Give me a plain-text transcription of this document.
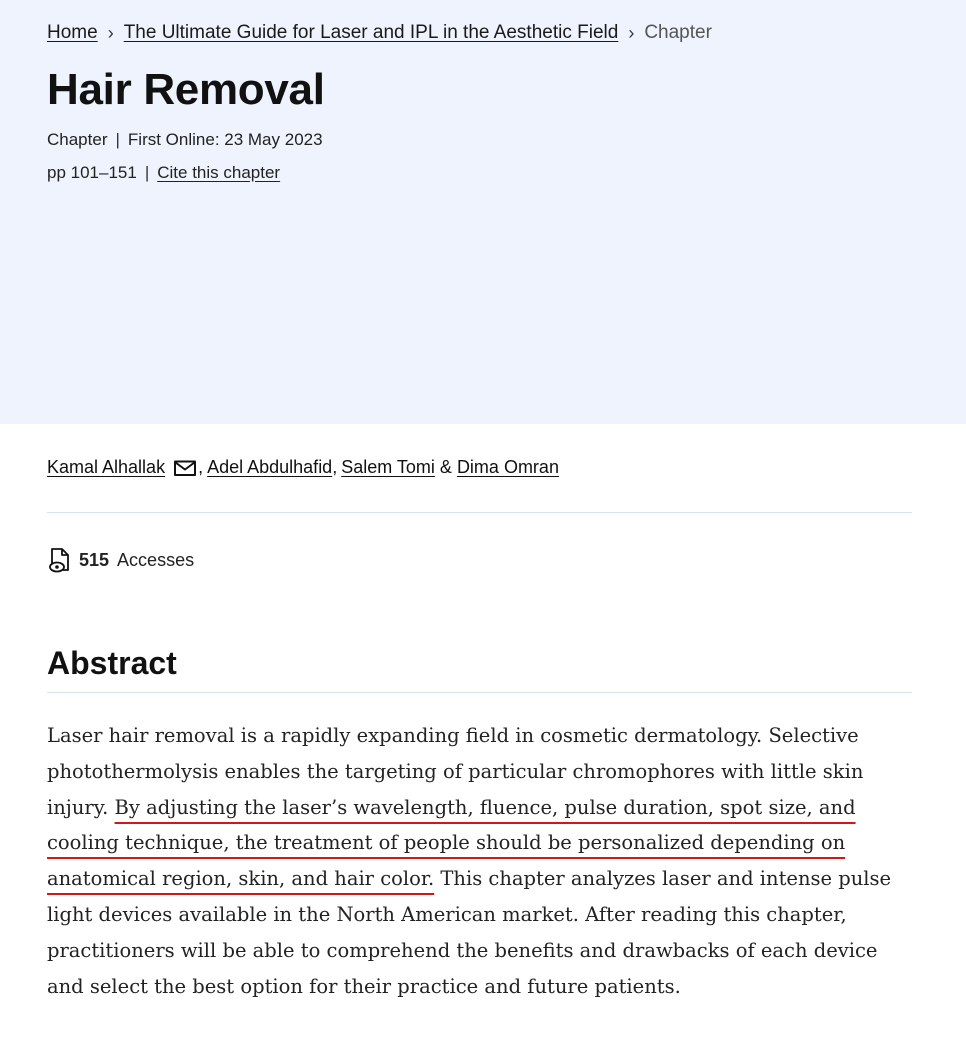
Home › The Ultimate Guide for Laser and IPL in the Aesthetic Field › Chapter
Hair Removal
Chapter | First Online: 23 May 2023
pp 101–151 | Cite this chapter
Kamal Alhallak , Adel Abdulhafid , Salem Tomi & Dima Omran
515 Accesses
Abstract

Laser hair removal is a rapidly expanding field in cosmetic dermatology. Selective photothermolysis enables the targeting of particular chromophores with little skin injury. By adjusting the laser’s wavelength, fluence, pulse duration, spot size, and cooling technique, the treatment of people should be personalized depending on anatomical region, skin, and hair color. This chapter analyzes laser and intense pulse light devices available in the North American market. After reading this chapter, practitioners will be able to comprehend the benefits and drawbacks of each device and select the best option for their practice and future patients.
